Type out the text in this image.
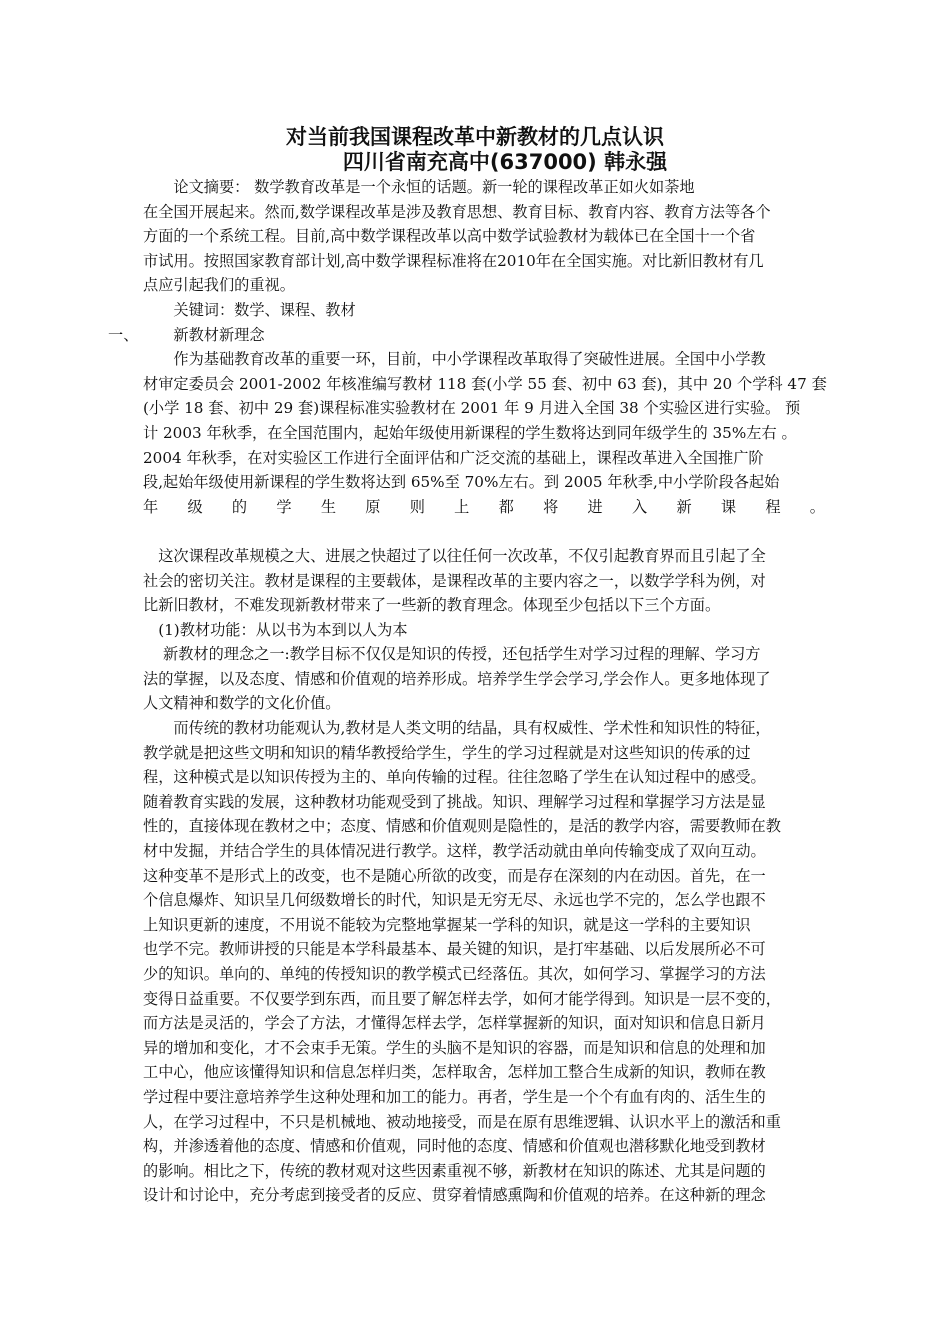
对当前我国课程改革中新教材的几点认识
四川省南充高中(637000) 韩永强
　　论文摘要： 数学教育改革是一个永恒的话题。新一轮的课程改革正如火如荼地
在全国开展起来。然而,数学课程改革是涉及教育思想、教育目标、教育内容、教育方法等各个
方面的一个系统工程。目前,高中数学课程改革以高中数学试验教材为载体已在全国十一个省
市试用。按照国家教育部计划,高中数学课程标准将在2010年在全国实施。对比新旧教材有几
点应引起我们的重视。
　　关键词：数学、课程、教材
一、 　　新教材新理念
　　作为基础教育改革的重要一环，目前，中小学课程改革取得了突破性进展。全国中小学教
材审定委员会 2001-2002 年核准编写教材 118 套(小学 55 套、初中 63 套)，其中 20 个学科 47 套
(小学 18 套、初中 29 套)课程标准实验教材在 2001 年 9 月进入全国 38 个实验区进行实验。 预
计 2003 年秋季，在全国范围内，起始年级使用新课程的学生数将达到同年级学生的 35%左右 。
2004 年秋季，在对实验区工作进行全面评估和广泛交流的基础上，课程改革进入全国推广阶
段,起始年级使用新课程的学生数将达到 65%至 70%左右。到 2005 年秋季,中小学阶段各起始
年 级 的 学 生 原 则 上 都 将 进 入 新 课 程 。
　这次课程改革规模之大、进展之快超过了以往任何一次改革，不仅引起教育界而且引起了全
社会的密切关注。教材是课程的主要载体，是课程改革的主要内容之一，以数学学科为例，对
比新旧教材，不难发现新教材带来了一些新的教育理念。体现至少包括以下三个方面。
　(1)教材功能：从以书为本到以人为本
　 新教材的理念之一:教学目标不仅仅是知识的传授，还包括学生对学习过程的理解、学习方
法的掌握，以及态度、情感和价值观的培养形成。培养学生学会学习,学会作人。更多地体现了
人文精神和数学的文化价值。
　　而传统的教材功能观认为,教材是人类文明的结晶，具有权威性、学术性和知识性的特征，
教学就是把这些文明和知识的精华教授给学生，学生的学习过程就是对这些知识的传承的过
程，这种模式是以知识传授为主的、单向传输的过程。往往忽略了学生在认知过程中的感受。
随着教育实践的发展，这种教材功能观受到了挑战。知识、理解学习过程和掌握学习方法是显
性的，直接体现在教材之中；态度、情感和价值观则是隐性的，是活的教学内容，需要教师在教
材中发掘，并结合学生的具体情况进行教学。这样，教学活动就由单向传输变成了双向互动。
这种变革不是形式上的改变，也不是随心所欲的改变，而是存在深刻的内在动因。首先，在一
个信息爆炸、知识呈几何级数增长的时代，知识是无穷无尽、永远也学不完的，怎么学也跟不
上知识更新的速度，不用说不能较为完整地掌握某一学科的知识，就是这一学科的主要知识
也学不完。教师讲授的只能是本学科最基本、最关键的知识，是打牢基础、以后发展所必不可
少的知识。单向的、单纯的传授知识的教学模式已经落伍。其次，如何学习、掌握学习的方法
变得日益重要。不仅要学到东西，而且要了解怎样去学，如何才能学得到。知识是一层不变的，
而方法是灵活的，学会了方法，才懂得怎样去学，怎样掌握新的知识，面对知识和信息日新月
异的增加和变化，才不会束手无策。学生的头脑不是知识的容器，而是知识和信息的处理和加
工中心，他应该懂得知识和信息怎样归类，怎样取舍，怎样加工整合生成新的知识，教师在教
学过程中要注意培养学生这种处理和加工的能力。再者，学生是一个个有血有肉的、活生生的
人，在学习过程中，不只是机械地、被动地接受，而是在原有思维逻辑、认识水平上的激活和重
构，并渗透着他的态度、情感和价值观，同时他的态度、情感和价值观也潜移默化地受到教材
的影响。相比之下，传统的教材观对这些因素重视不够，新教材在知识的陈述、尤其是问题的
设计和讨论中，充分考虑到接受者的反应、贯穿着情感熏陶和价值观的培养。在这种新的理念
